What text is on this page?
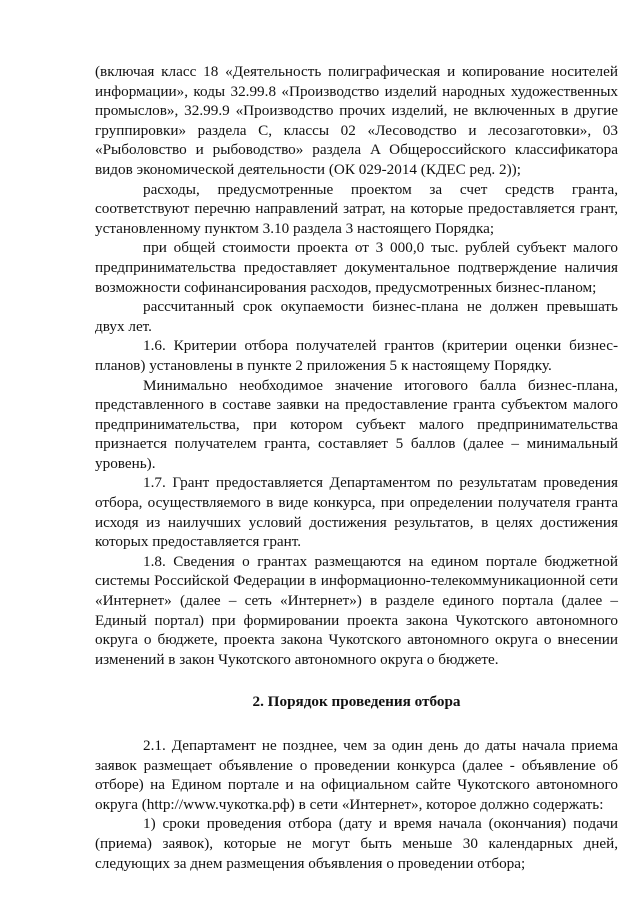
(включая класс 18 «Деятельность полиграфическая и копирование носителей информации», коды 32.99.8 «Производство изделий народных художественных промыслов», 32.99.9 «Производство прочих изделий, не включенных в другие группировки» раздела C, классы 02 «Лесоводство и лесозаготовки», 03 «Рыболовство и рыбоводство» раздела A Общероссийского классификатора видов экономической деятельности (ОК 029-2014 (КДЕС ред. 2));

расходы, предусмотренные проектом за счет средств гранта, соответствуют перечню направлений затрат, на которые предоставляется грант, установленному пунктом 3.10 раздела 3 настоящего Порядка;

при общей стоимости проекта от 3 000,0 тыс. рублей субъект малого предпринимательства предоставляет документальное подтверждение наличия возможности софинансирования расходов, предусмотренных бизнес-планом;

рассчитанный срок окупаемости бизнес-плана не должен превышать двух лет.

1.6. Критерии отбора получателей грантов (критерии оценки бизнес-планов) установлены в пункте 2 приложения 5 к настоящему Порядку.

Минимально необходимое значение итогового балла бизнес-плана, представленного в составе заявки на предоставление гранта субъектом малого предпринимательства, при котором субъект малого предпринимательства признается получателем гранта, составляет 5 баллов (далее – минимальный уровень).

1.7. Грант предоставляется Департаментом по результатам проведения отбора, осуществляемого в виде конкурса, при определении получателя гранта исходя из наилучших условий достижения результатов, в целях достижения которых предоставляется грант.

1.8. Сведения о грантах размещаются на едином портале бюджетной системы Российской Федерации в информационно-телекоммуникационной сети «Интернет» (далее – сеть «Интернет») в разделе единого портала (далее – Единый портал) при формировании проекта закона Чукотского автономного округа о бюджете, проекта закона Чукотского автономного округа о внесении изменений в закон Чукотского автономного округа о бюджете.

2. Порядок проведения отбора

2.1. Департамент не позднее, чем за один день до даты начала приема заявок размещает объявление о проведении конкурса (далее - объявление об отборе) на Едином портале и на официальном сайте Чукотского автономного округа (http://www.чукотка.рф) в сети «Интернет», которое должно содержать:

1) сроки проведения отбора (дату и время начала (окончания) подачи (приема) заявок), которые не могут быть меньше 30 календарных дней, следующих за днем размещения объявления о проведении отбора;
